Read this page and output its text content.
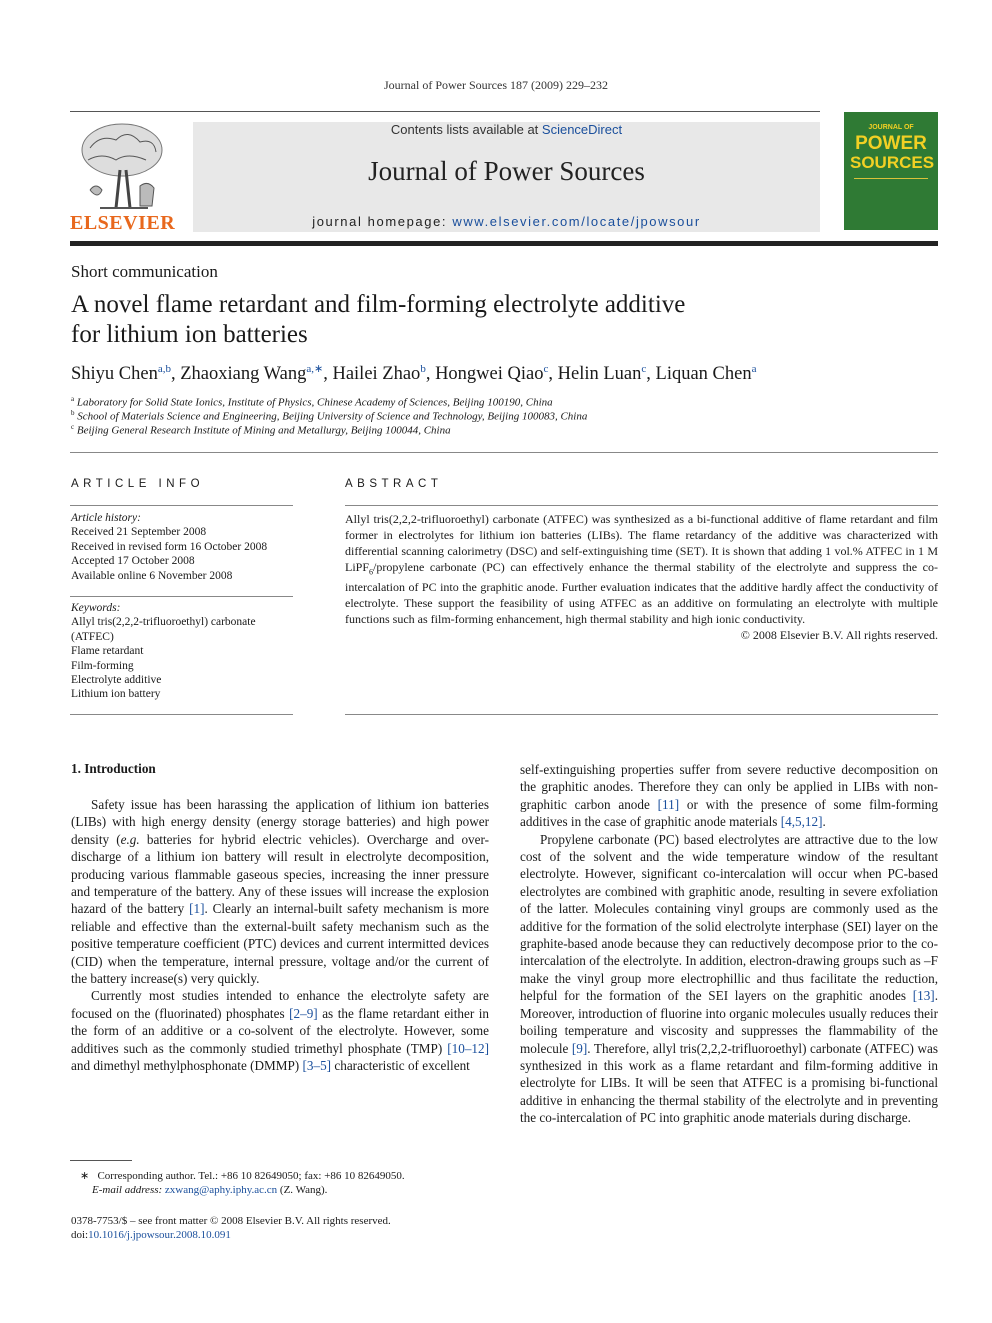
Journal of Power Sources 187 (2009) 229–232
ELSEVIER
Contents lists available at ScienceDirect
Journal of Power Sources
journal homepage: www.elsevier.com/locate/jpowsour
JOURNAL OF
POWER
SOURCES
Short communication
A novel flame retardant and film-forming electrolyte additive
for lithium ion batteries
Shiyu Chen$^{a,b}$, Zhaoxiang Wang$^{a,∗}$, Hailei Zhao$^b$, Hongwei Qiao$^c$, Helin Luan$^c$, Liquan Chen$^a$
$^a$ Laboratory for Solid State Ionics, Institute of Physics, Chinese Academy of Sciences, Beijing 100190, China
$^b$ School of Materials Science and Engineering, Beijing University of Science and Technology, Beijing 100083, China
$^c$ Beijing General Research Institute of Mining and Metallurgy, Beijing 100044, China
ARTICLE INFO
Article history:
Received 21 September 2008
Received in revised form 16 October 2008
Accepted 17 October 2008
Available online 6 November 2008
Keywords:
Allyl tris(2,2,2-trifluoroethyl) carbonate
(ATFEC)
Flame retardant
Film-forming
Electrolyte additive
Lithium ion battery
ABSTRACT
Allyl tris(2,2,2-trifluoroethyl) carbonate (ATFEC) was synthesized as a bi-functional additive of flame retardant and film former in electrolytes for lithium ion batteries (LIBs). The flame retardancy of the additive was characterized with differential scanning calorimetry (DSC) and self-extinguishing time (SET). It is shown that adding 1 vol.% ATFEC in 1 M LiPF$_6$/propylene carbonate (PC) can effectively enhance the thermal stability of the electrolyte and suppress the co-intercalation of PC into the graphitic anode. Further evaluation indicates that the additive hardly affect the conductivity of electrolyte. These support the feasibility of using ATFEC as an additive on formulating an electrolyte with multiple functions such as film-forming enhancement, high thermal stability and high ionic conductivity.
© 2008 Elsevier B.V. All rights reserved.
1. Introduction

Safety issue has been harassing the application of lithium ion batteries (LIBs) with high energy density (energy storage batteries) and high power density (e.g. batteries for hybrid electric vehicles). Overcharge and over-discharge of a lithium ion battery will result in electrolyte decomposition, producing various flammable gaseous species, increasing the inner pressure and temperature of the battery. Any of these issues will increase the explosion hazard of the battery [1]. Clearly an internal-built safety mechanism is more reliable and effective than the external-built safety mechanism such as the positive temperature coefficient (PTC) devices and current intermitted devices (CID) when the temperature, internal pressure, voltage and/or the current of the battery increase(s) very quickly.

Currently most studies intended to enhance the electrolyte safety are focused on the (fluorinated) phosphates [2–9] as the flame retardant either in the form of an additive or a co-solvent of the electrolyte. However, some additives such as the commonly studied trimethyl phosphate (TMP) [10–12] and dimethyl methylphosphonate (DMMP) [3–5] characteristic of excellent

self-extinguishing properties suffer from severe reductive decomposition on the graphitic anodes. Therefore they can only be applied in LIBs with non-graphitic carbon anode [11] or with the presence of some film-forming additives in the case of graphitic anode materials [4,5,12].

Propylene carbonate (PC) based electrolytes are attractive due to the low cost of the solvent and the wide temperature window of the resultant electrolyte. However, significant co-intercalation will occur when PC-based electrolytes are combined with graphitic anode, resulting in severe exfoliation of the latter. Molecules containing vinyl groups are commonly used as the additive for the formation of the solid electrolyte interphase (SEI) layer on the graphite-based anode because they can reductively decompose prior to the co-intercalation of the electrolyte. In addition, electron-drawing groups such as –F make the vinyl group more electrophillic and thus facilitate the reduction, helpful for the formation of the SEI layers on the graphitic anodes [13]. Moreover, introduction of fluorine into organic molecules usually reduces their boiling temperature and viscosity and suppresses the flammability of the molecule [9]. Therefore, allyl tris(2,2,2-trifluoroethyl) carbonate (ATFEC) was synthesized in this work as a flame retardant and film-forming additive in electrolyte for LIBs. It will be seen that ATFEC is a promising bi-functional additive in enhancing the thermal stability of the electrolyte and in preventing the co-intercalation of PC into graphitic anode materials during discharge.

∗ Corresponding author. Tel.: +86 10 82649050; fax: +86 10 82649050.
E-mail address: zxwang@aphy.iphy.ac.cn (Z. Wang).
0378-7753/$ – see front matter © 2008 Elsevier B.V. All rights reserved.
doi:10.1016/j.jpowsour.2008.10.091
